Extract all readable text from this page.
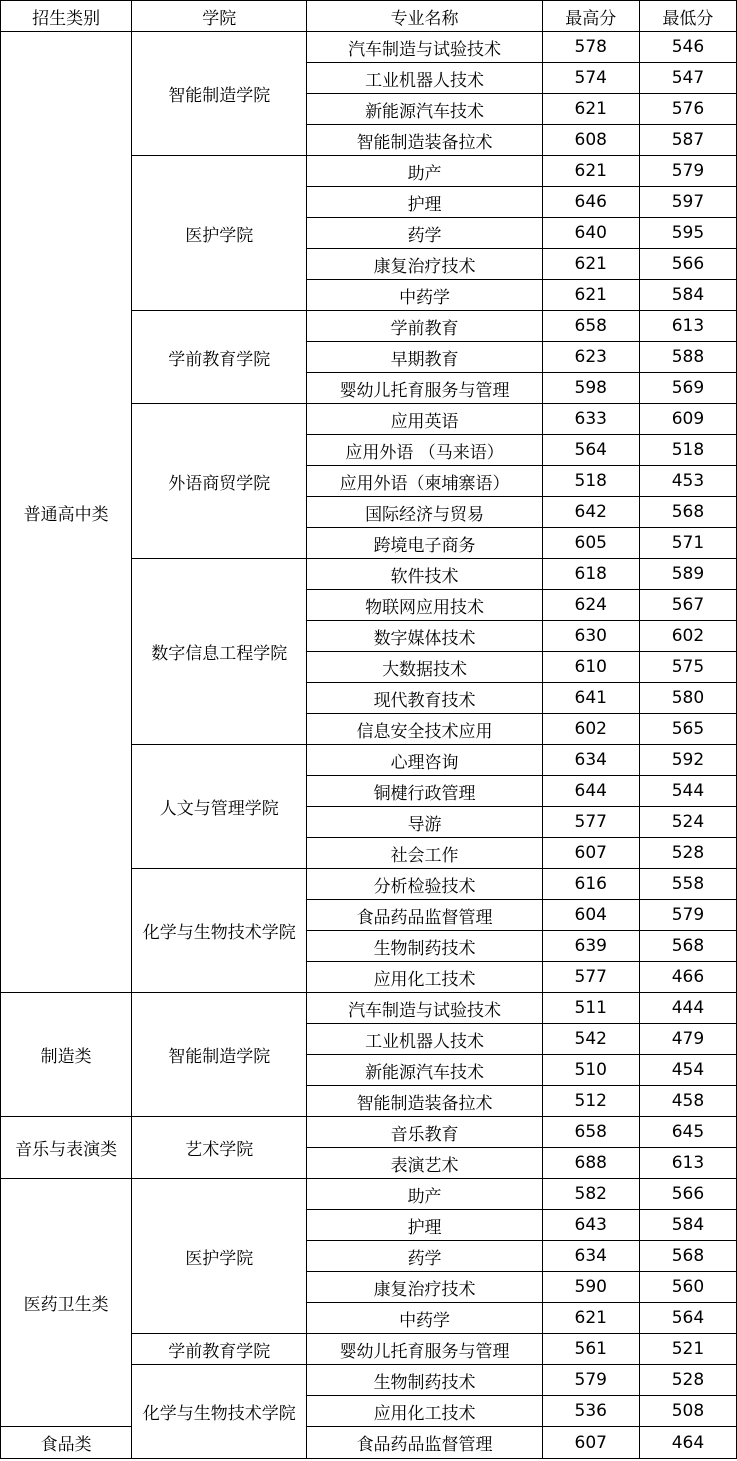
招生类别	学院	专业名称	最高分	最低分
普通高中类	智能制造学院	汽车制造与试验技术	578	546
		工业机器人技术	574	547
		新能源汽车技术	621	576
		智能制造装备拉术	608	587
	医护学院	助产	621	579
		护理	646	597
		药学	640	595
		康复治疗技术	621	566
		中药学	621	584
	学前教育学院	学前教育	658	613
		早期教育	623	588
		婴幼儿托育服务与管理	598	569
	外语商贸学院	应用英语	633	609
		应用外语 （马来语）	564	518
		应用外语（柬埔寨语）	518	453
		国际经济与贸易	642	568
		跨境电子商务	605	571
	数字信息工程学院	软件技术	618	589
		物联网应用技术	624	567
		数字媒体技术	630	602
		大数据技术	610	575
		现代教育技术	641	580
		信息安全技术应用	602	565
	人文与管理学院	心理咨询	634	592
		铜楗行政管理	644	544
		导游	577	524
		社会工作	607	528
	化学与生物技术学院	分析检验技术	616	558
		食品药品监督管理	604	579
		生物制药技术	639	568
		应用化工技术	577	466
制造类	智能制造学院	汽车制造与试验技术	511	444
		工业机器人技术	542	479
		新能源汽车技术	510	454
		智能制造装备拉术	512	458
音乐与表演类	艺术学院	音乐教育	658	645
		表演艺术	688	613
医药卫生类	医护学院	助产	582	566
		护理	643	584
		药学	634	568
		康复治疗技术	590	560
		中药学	621	564
	学前教育学院	婴幼儿托育服务与管理	561	521
	化学与生物技术学院	生物制药技术	579	528
		应用化工技术	536	508
食品类		食品药品监督管理	607	464
